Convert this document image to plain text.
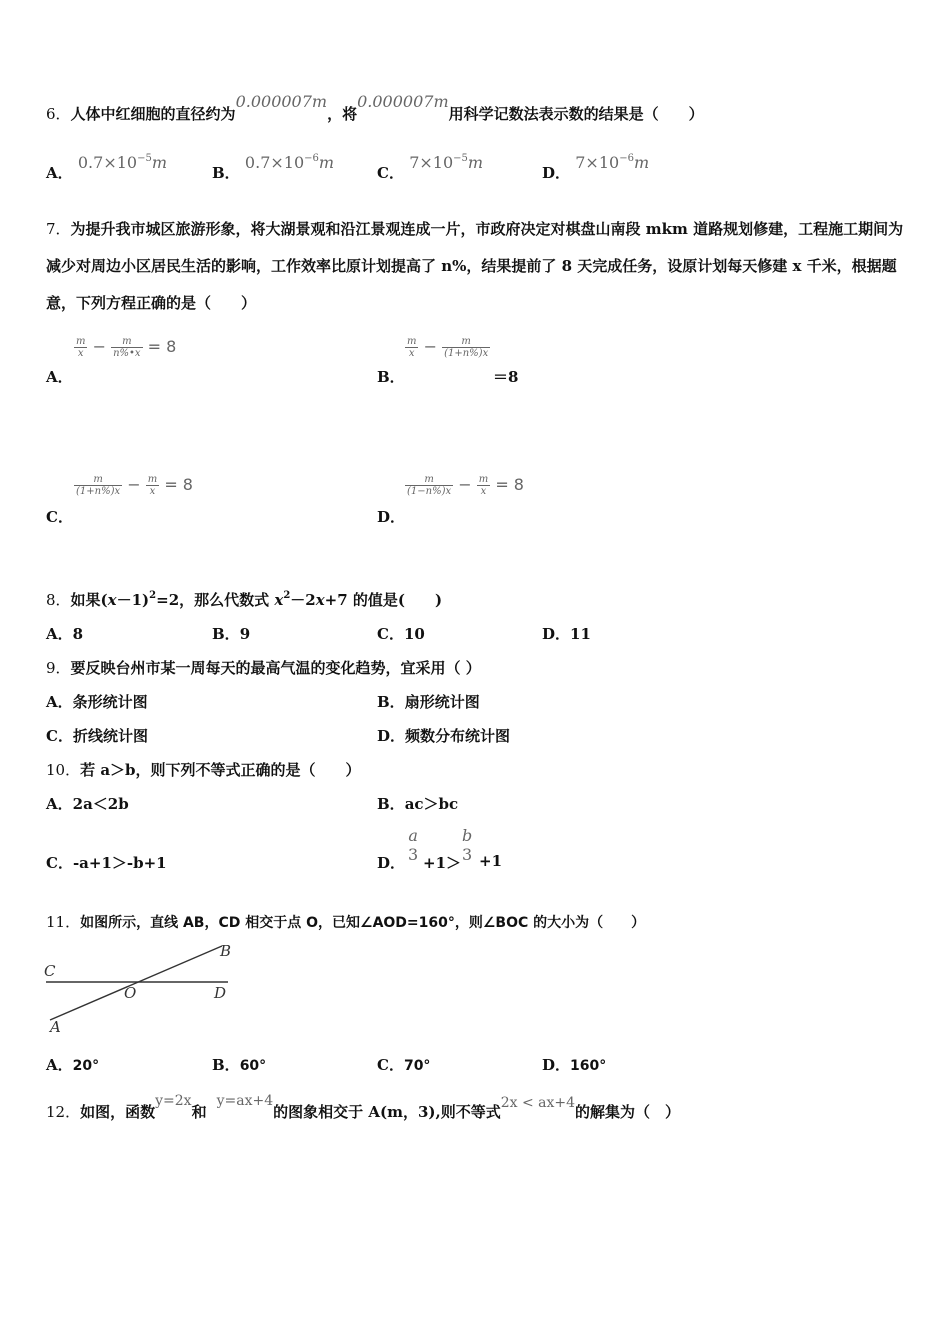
6．人体中红细胞的直径约为0.000007m，将0.000007m用科学记数法表示数的结果是（　　）
A． $0.7\times 10^{-5}m$
B． $0.7\times 10^{-6}m$
C． $7\times 10^{-5}m$
D． $7\times 10^{-6}m$
7．为提升我市城区旅游形象，将大湖景观和沿江景观连成一片，市政府决定对棋盘山南段 mkm 道路规划修建，工程施工期间为减少对周边小区居民生活的影响，工作效率比原计划提高了 n%，结果提前了 8 天完成任务，设原计划每天修建 x 千米，根据题意，下列方程正确的是（　　）
$\frac{m}{x} - \frac{m}{n\%•x} = 8$
A．
$\frac{m}{x} - \frac{m}{(1+n\%)x}$
B．	＝8
$\frac{m}{(1+n\%)x} - \frac{m}{x} = 8$
C．
$\frac{m}{(1-n\%)x} - \frac{m}{x} = 8$
D．
8．如果$(x-1)^2=2$，那么代数式 $x^2-2x+7$ 的值是(　　)
A．8	B．9	C．10	D．11
9．要反映台州市某一周每天的最高气温的变化趋势，宜采用（ ）
A．条形统计图	B．扇形统计图
C．折线统计图	D．频数分布统计图
10．若 a＞b，则下列不等式正确的是（　　）
A．2a＜2b	B．ac＞bc
C．-a+1＞-b+1	D．
a
3 +1＞
b
3 +1
11．如图所示，直线 AB，CD 相交于点 O，已知∠AOD=160°，则∠BOC 的大小为（　　）
C
B
O	D
A
A．20°	B．60°	C．70°	D．160°
12．如图，函数y=2x和y=ax+4的图象相交于 A(m，3),则不等式2x < ax+4的解集为（　）
